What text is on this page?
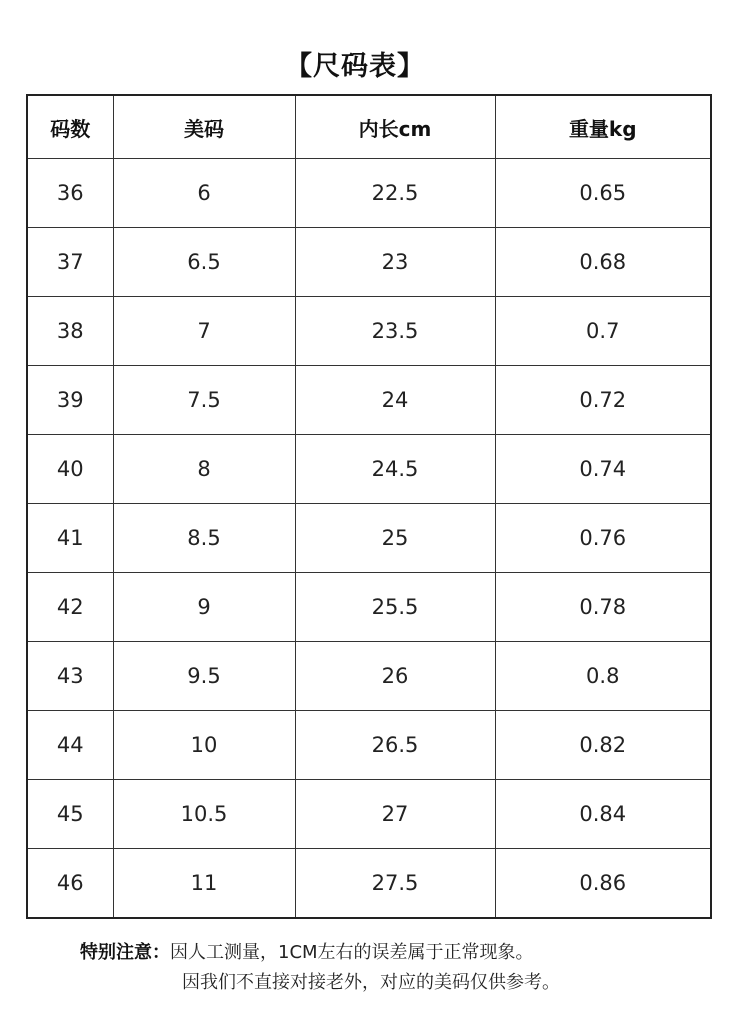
【尺码表】
码数	美码	内长cm	重量kg
36	6	22.5	0.65
37	6.5	23	0.68
38	7	23.5	0.7
39	7.5	24	0.72
40	8	24.5	0.74
41	8.5	25	0.76
42	9	25.5	0.78
43	9.5	26	0.8
44	10	26.5	0.82
45	10.5	27	0.84
46	11	27.5	0.86
特别注意：因人工测量，1CM左右的误差属于正常现象。
因我们不直接对接老外，对应的美码仅供参考。
